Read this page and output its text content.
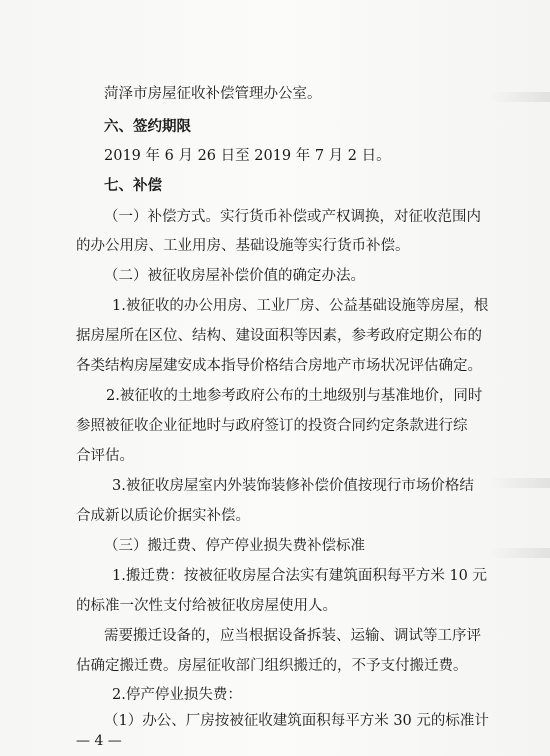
菏泽市房屋征收补偿管理办公室。
六、签约期限
2019 年 6 月 26 日至 2019 年 7 月 2 日。
七、补偿
（一）补偿方式。实行货币补偿或产权调换，对征收范围内
的办公用房、工业用房、基础设施等实行货币补偿。
（二）被征收房屋补偿价值的确定办法。
1.被征收的办公用房、工业厂房、公益基础设施等房屋，根
据房屋所在区位、结构、建设面积等因素，参考政府定期公布的
各类结构房屋建安成本指导价格结合房地产市场状况评估确定。
2.被征收的土地参考政府公布的土地级别与基准地价，同时
参照被征收企业征地时与政府签订的投资合同约定条款进行综
合评估。
3.被征收房屋室内外装饰装修补偿价值按现行市场价格结
合成新以质论价据实补偿。
（三）搬迁费、停产停业损失费补偿标准
1.搬迁费：按被征收房屋合法实有建筑面积每平方米 10 元
的标准一次性支付给被征收房屋使用人。
需要搬迁设备的，应当根据设备拆装、运输、调试等工序评
估确定搬迁费。房屋征收部门组织搬迁的，不予支付搬迁费。
2.停产停业损失费：
（1）办公、厂房按被征收建筑面积每平方米 30 元的标准计
— 4 —
